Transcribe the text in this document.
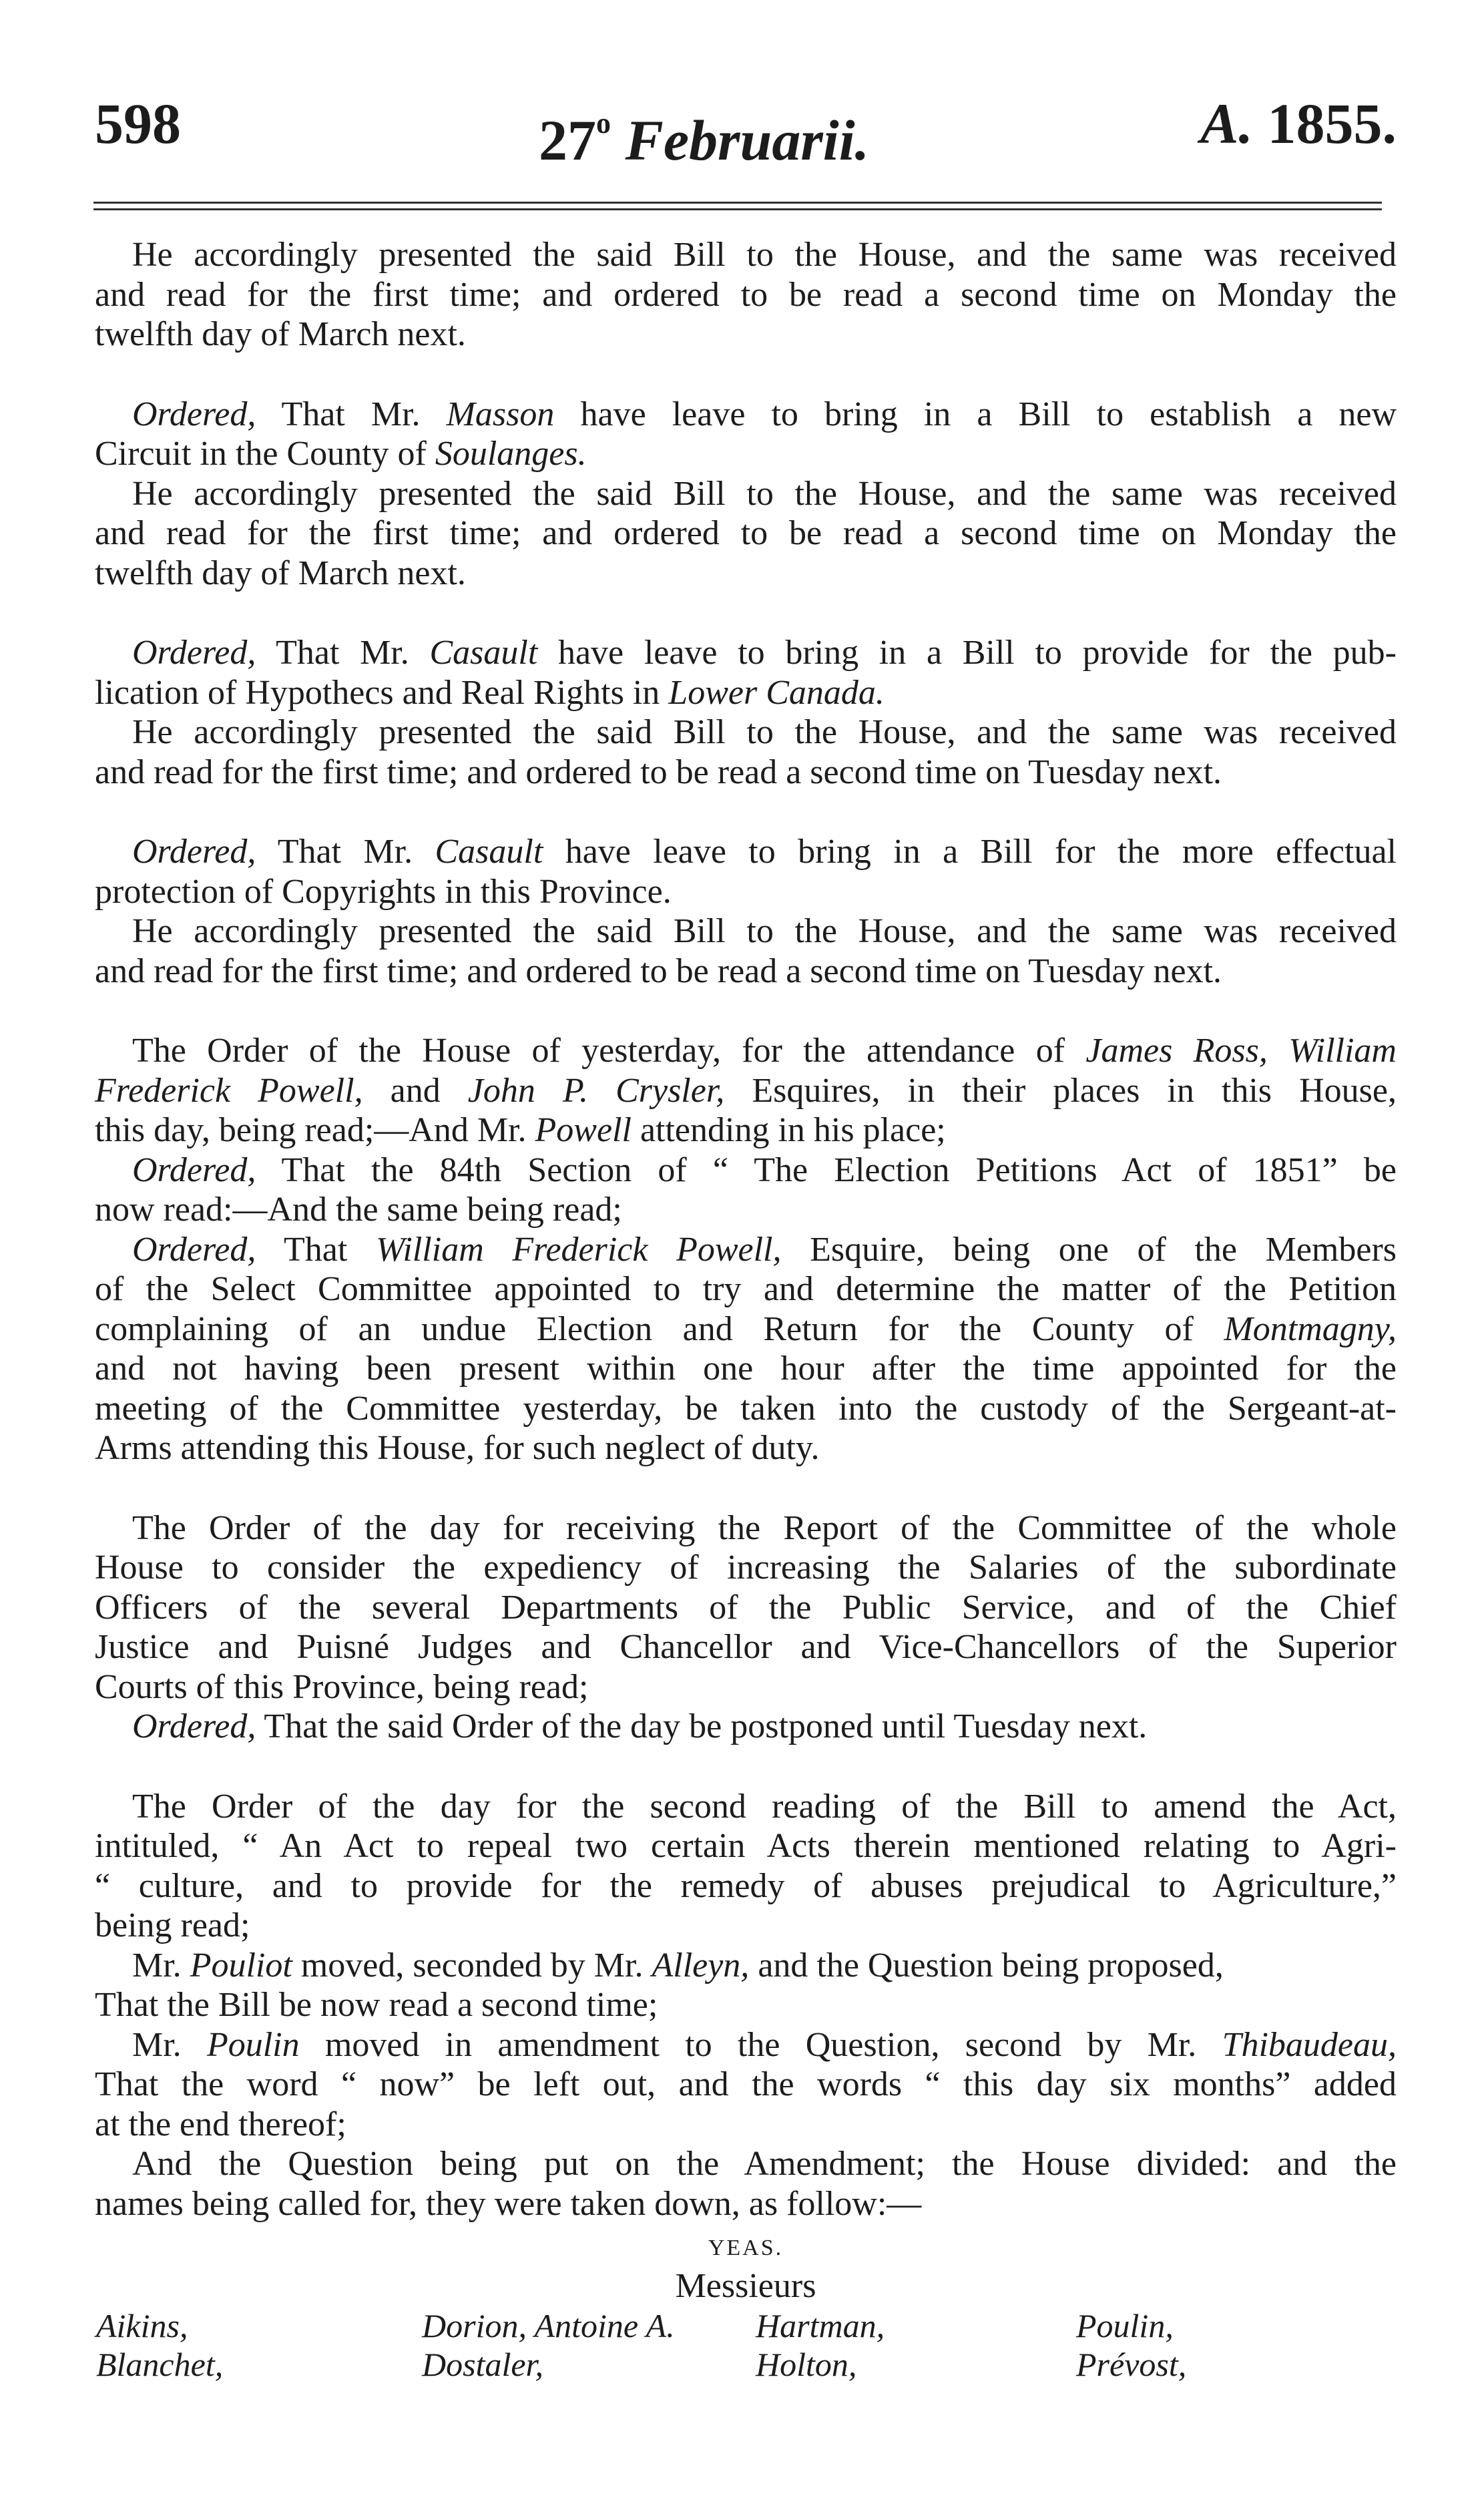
598	27$^o$ Februarii.	A. 1855.
He accordingly presented the said Bill to the House, and the same was received
and read for the first time; and ordered to be read a second time on Monday the
twelfth day of March next.
Ordered, That Mr. Masson have leave to bring in a Bill to establish a new
Circuit in the County of Soulanges.
He accordingly presented the said Bill to the House, and the same was received
and read for the first time; and ordered to be read a second time on Monday the
twelfth day of March next.
Ordered, That Mr. Casault have leave to bring in a Bill to provide for the pub-
lication of Hypothecs and Real Rights in Lower Canada.
He accordingly presented the said Bill to the House, and the same was received
and read for the first time; and ordered to be read a second time on Tuesday next.
Ordered, That Mr. Casault have leave to bring in a Bill for the more effectual
protection of Copyrights in this Province.
He accordingly presented the said Bill to the House, and the same was received
and read for the first time; and ordered to be read a second time on Tuesday next.
The Order of the House of yesterday, for the attendance of James Ross, William
Frederick Powell, and John P. Crysler, Esquires, in their places in this House,
this day, being read;—And Mr. Powell attending in his place;
Ordered, That the 84th Section of “ The Election Petitions Act of 1851” be
now read:—And the same being read;
Ordered, That William Frederick Powell, Esquire, being one of the Members
of the Select Committee appointed to try and determine the matter of the Petition
complaining of an undue Election and Return for the County of Montmagny,
and not having been present within one hour after the time appointed for the
meeting of the Committee yesterday, be taken into the custody of the Sergeant-at-
Arms attending this House, for such neglect of duty.
The Order of the day for receiving the Report of the Committee of the whole
House to consider the expediency of increasing the Salaries of the subordinate
Officers of the several Departments of the Public Service, and of the Chief
Justice and Puisné Judges and Chancellor and Vice-Chancellors of the Superior
Courts of this Province, being read;
Ordered, That the said Order of the day be postponed until Tuesday next.
The Order of the day for the second reading of the Bill to amend the Act,
intituled, “ An Act to repeal two certain Acts therein mentioned relating to Agri-
“ culture, and to provide for the remedy of abuses prejudical to Agriculture,”
being read;
Mr. Pouliot moved, seconded by Mr. Alleyn, and the Question being proposed,
That the Bill be now read a second time;
Mr. Poulin moved in amendment to the Question, second by Mr. Thibaudeau,
That the word “ now” be left out, and the words “ this day six months” added
at the end thereof;
And the Question being put on the Amendment; the House divided: and the
names being called for, they were taken down, as follow:—
YEAS.
Messieurs
Aikins,	Dorion, Antoine A.	Hartman,	Poulin,
Blanchet,	Dostaler,	Holton,	Prévost,
